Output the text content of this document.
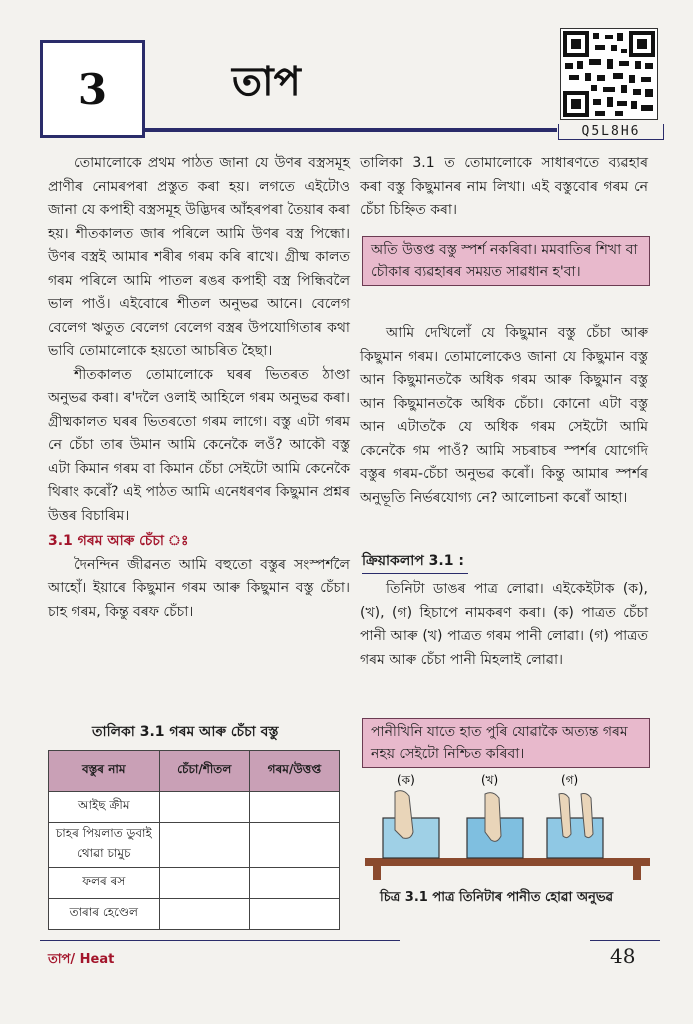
3	তাপ
Q5L8H6

তোমালোকে প্ৰথম পাঠত জানা যে উণৰ বস্ত্ৰসমূহ প্ৰাণীৰ নোমৰপৰা প্ৰস্তুত কৰা হয়। লগতে এইটোও জানা যে কপাহী বস্ত্ৰসমূহ উদ্ভিদৰ আঁহৰপৰা তৈয়াৰ কৰা হয়। শীতকালত জাৰ পৰিলে আমি উণৰ বস্ত্ৰ পিন্ধো। উণৰ বস্ত্ৰই আমাৰ শৰীৰ গৰম কৰি ৰাখে। গ্ৰীষ্ম কালত গৰম পৰিলে আমি পাতল ৰঙৰ কপাহী বস্ত্ৰ পিন্ধিবলৈ ভাল পাওঁ। এইবোৰে শীতল অনুভৱ আনে। বেলেগ বেলেগ ঋতুত বেলেগ বেলেগ বস্ত্ৰৰ উপযোগিতাৰ কথা ভাবি তোমালোকে হয়তো আচৰিত হৈছা।

শীতকালত তোমালোকে ঘৰৰ ভিতৰত ঠাণ্ডা অনুভৱ কৰা। ৰ'দলৈ ওলাই আহিলে গৰম অনুভৱ কৰা। গ্ৰীষ্মকালত ঘৰৰ ভিতৰতো গৰম লাগে। বস্তু এটা গৰম নে চেঁচা তাৰ উমান আমি কেনেকৈ লওঁ? আকৌ বস্তু এটা কিমান গৰম বা কিমান চেঁচা সেইটো আমি কেনেকৈ থিৰাং কৰোঁ? এই পাঠত আমি এনেধৰণৰ কিছুমান প্ৰশ্নৰ উত্তৰ বিচাৰিম।

3.1 গৰম আৰু চেঁচা ঃ

দৈনন্দিন জীৱনত আমি বহুতো বস্তুৰ সংস্পৰ্শলৈ আহোঁ। ইয়াৰে কিছুমান গৰম আৰু কিছুমান বস্তু চেঁচা। চাহ গৰম, কিন্তু বৰফ চেঁচা।

তালিকা 3.1 গৰম আৰু চেঁচা বস্তু
বস্তুৰ নাম	চেঁচা/শীতল	গৰম/উত্তপ্ত
আইছ ক্ৰীম		
চাহৰ পিয়লাত ডুবাই থোৱা চামুচ		
ফলৰ ৰস		
তাৰাৰ হেণ্ডেল		

তালিকা 3.1 ত তোমালোকে সাধাৰণতে ব্যৱহাৰ কৰা বস্তু কিছুমানৰ নাম লিখা। এই বস্তুবোৰ গৰম নে চেঁচা চিহ্নিত কৰা।

অতি উত্তপ্ত বস্তু স্পৰ্শ নকৰিবা। মমবাতিৰ শিখা বা চৌকাৰ ব্যৱহাৰৰ সময়ত সাৱধান হ'বা।

আমি দেখিলোঁ যে কিছুমান বস্তু চেঁচা আৰু কিছুমান গৰম। তোমালোকেও জানা যে কিছুমান বস্তু আন কিছুমানতকৈ অধিক গৰম আৰু কিছুমান বস্তু আন কিছুমানতকৈ অধিক চেঁচা। কোনো এটা বস্তু আন এটাতকৈ যে অধিক গৰম সেইটো আমি কেনেকৈ গম পাওঁ? আমি সচৰাচৰ স্পৰ্শৰ যোগেদি বস্তুৰ গৰম-চেঁচা অনুভৱ কৰোঁ। কিন্তু আমাৰ স্পৰ্শৰ অনুভূতি নিৰ্ভৰযোগ্য নে? আলোচনা কৰোঁ আহা।

ক্ৰিয়াকলাপ 3.1 :

তিনিটা ডাঙৰ পাত্ৰ লোৱা। এইকেইটাক (ক), (খ), (গ) হিচাপে নামকৰণ কৰা। (ক) পাত্ৰত চেঁচা পানী আৰু (খ) পাত্ৰত গৰম পানী লোৱা। (গ) পাত্ৰত গৰম আৰু চেঁচা পানী মিহলাই লোৱা।

পানীখিনি যাতে হাত পুৰি যোৱাকৈ অত্যন্ত গৰম নহয় সেইটো নিশ্চিত কৰিবা।
(ক)	(খ)	(গ)
চিত্ৰ 3.1 পাত্ৰ তিনিটাৰ পানীত হোৱা অনুভৱ
তাপ/ Heat	48
